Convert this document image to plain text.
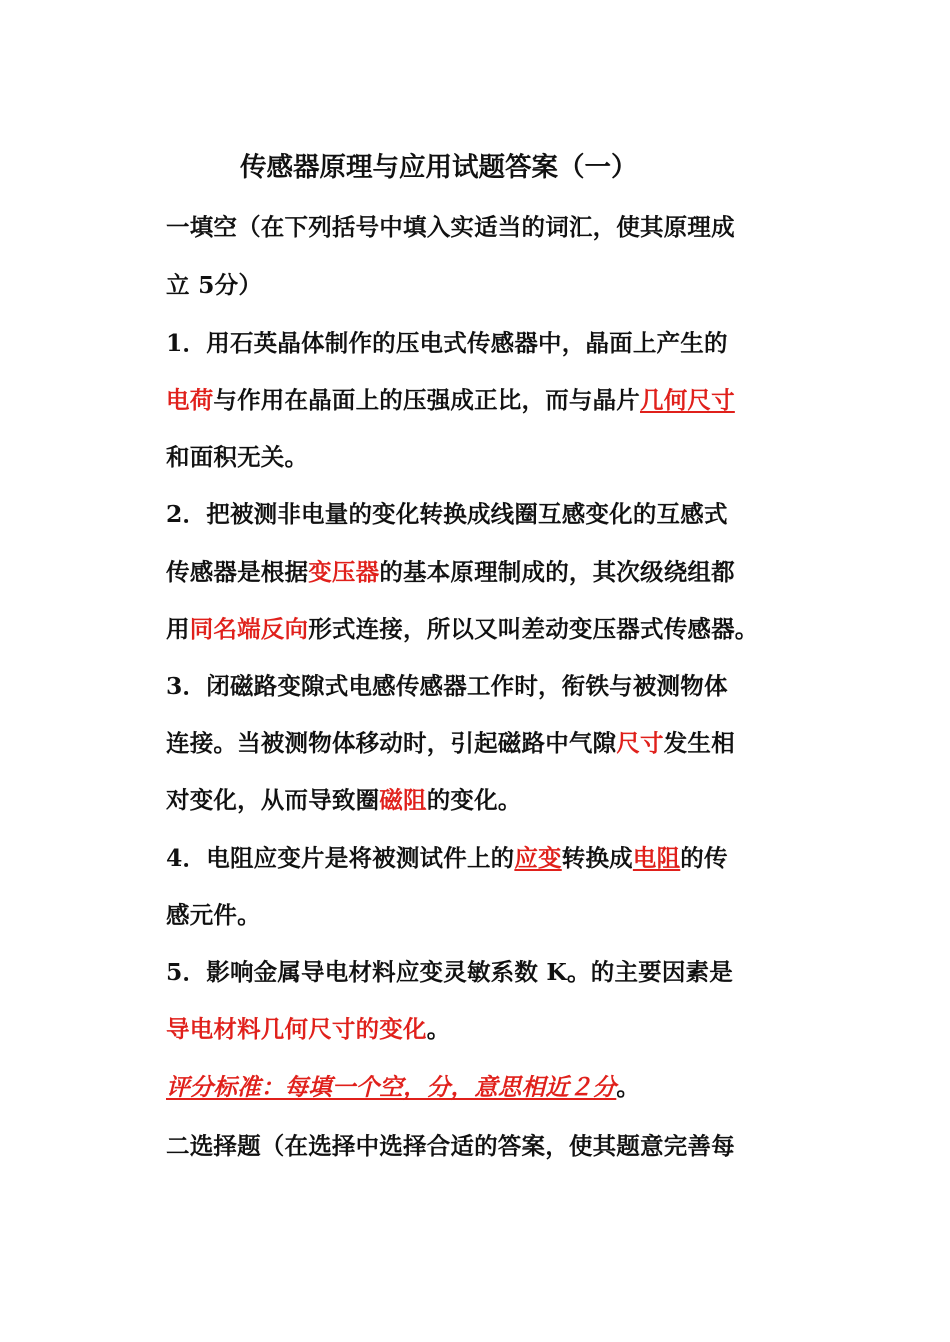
传感器原理与应用试题答案（一）
一填空（在下列括号中填入实适当的词汇，使其原理成
立 5分）
1．用石英晶体制作的压电式传感器中，晶面上产生的
电荷与作用在晶面上的压强成正比，而与晶片几何尺寸
和面积无关。
2．把被测非电量的变化转换成线圈互感变化的互感式
传感器是根据变压器的基本原理制成的，其次级绕组都
用同名端反向形式连接，所以又叫差动变压器式传感器。
3．闭磁路变隙式电感传感器工作时，衔铁与被测物体
连接。当被测物体移动时，引起磁路中气隙尺寸发生相
对变化，从而导致圈磁阻的变化。
4．电阻应变片是将被测试件上的应变转换成电阻的传
感元件。
5．影响金属导电材料应变灵敏系数 K。的主要因素是
导电材料几何尺寸的变化。
评分标准：每填一个空，分，意思相近２分。
二选择题（在选择中选择合适的答案，使其题意完善每
